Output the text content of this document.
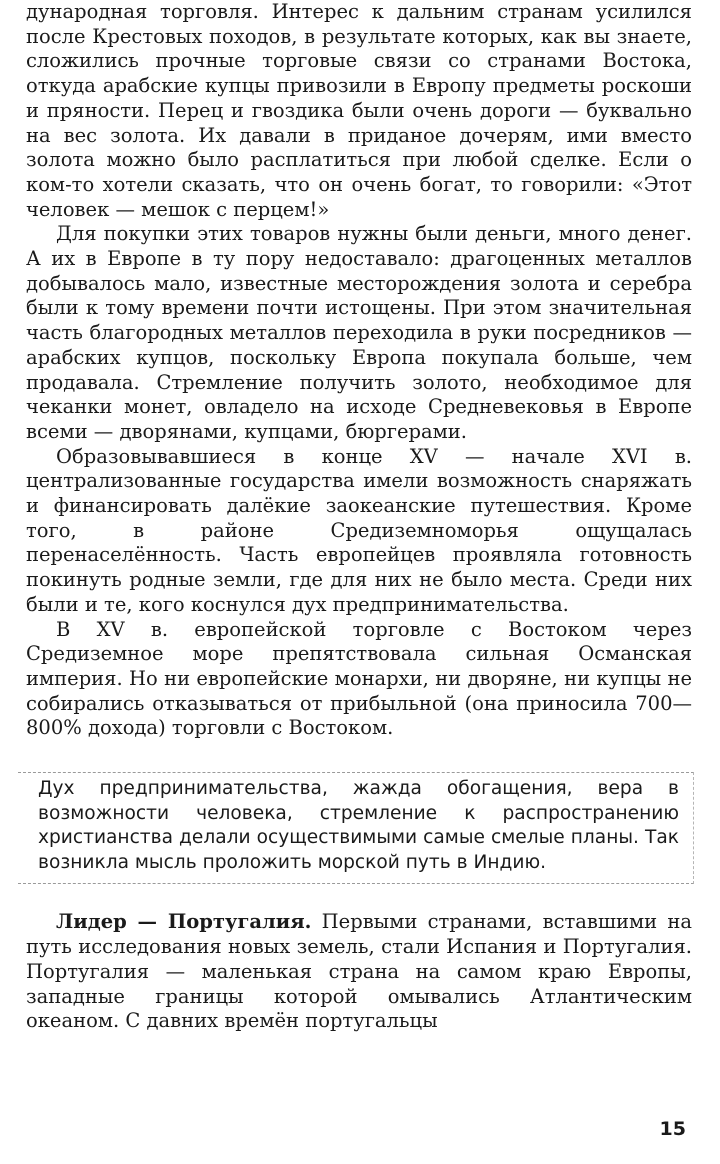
дународная торговля. Интерес к дальним странам усилился после Крестовых походов, в результате которых, как вы знаете, сложились прочные торговые связи со странами Востока, откуда арабские купцы привозили в Европу предметы роскоши и пряности. Перец и гвоздика были очень дороги — буквально на вес золота. Их давали в приданое дочерям, ими вместо золота можно было расплатиться при любой сделке. Если о ком-то хотели сказать, что он очень богат, то говорили: «Этот человек — мешок с перцем!»

Для покупки этих товаров нужны были деньги, много денег. А их в Европе в ту пору недоставало: драгоценных металлов добывалось мало, известные месторождения золота и серебра были к тому времени почти истощены. При этом значительная часть благородных металлов переходила в руки посредников — арабских купцов, поскольку Европа покупала больше, чем продавала. Стремление получить золото, необходимое для чеканки монет, овладело на исходе Средневековья в Европе всеми — дворянами, купцами, бюргерами.

Образовывавшиеся в конце XV — начале XVI в. централизованные государства имели возможность снаряжать и финансировать далёкие заокеанские путешествия. Кроме того, в районе Средиземноморья ощущалась перенаселённость. Часть европейцев проявляла готовность покинуть родные земли, где для них не было места. Среди них были и те, кого коснулся дух предпринимательства.

В XV в. европейской торговле с Востоком через Средиземное море препятствовала сильная Османская империя. Но ни европейские монархи, ни дворяне, ни купцы не собирались отказываться от прибыльной (она приносила 700—800% дохода) торговли с Востоком.

Дух предпринимательства, жажда обогащения, вера в возможности человека, стремление к распространению христианства делали осуществимыми самые смелые планы. Так возникла мысль проложить морской путь в Индию.

Лидер — Португалия. Первыми странами, вставшими на путь исследования новых земель, стали Испания и Португалия. Португалия — маленькая страна на самом краю Европы, западные границы которой омывались Атлантическим океаном. С давних времён португальцы

15
